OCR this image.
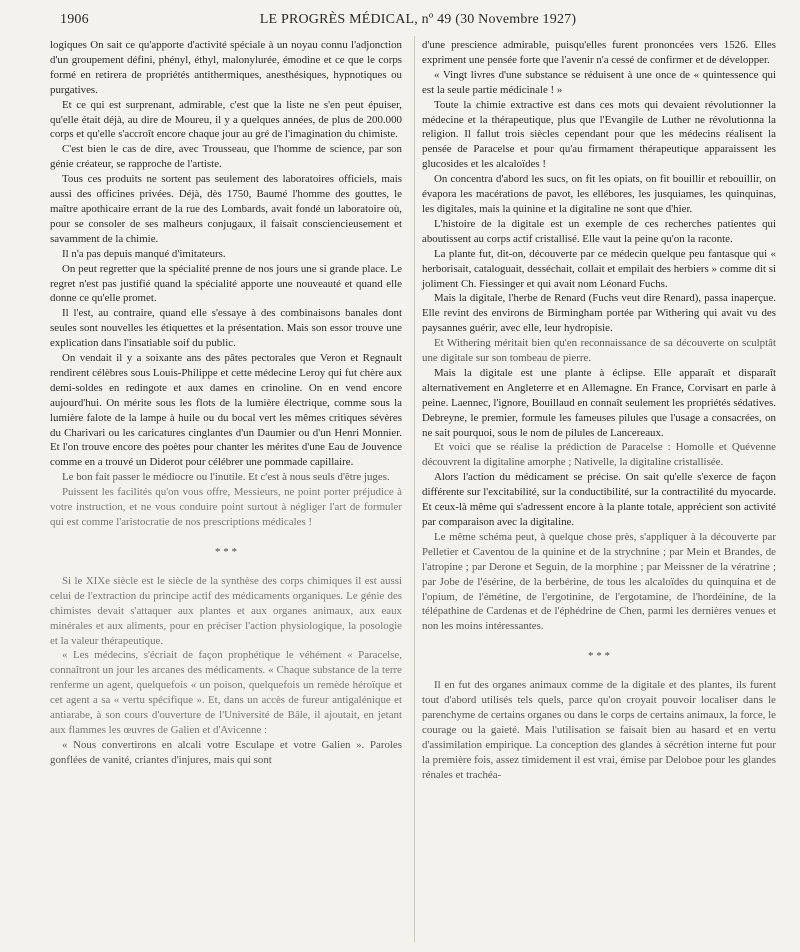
1906	LE PROGRÈS MÉDICAL, nº 49 (30 Novembre 1927)

logiques On sait ce qu'apporte d'activité spéciale à un noyau connu l'adjonction d'un groupement défini, phényl, éthyl, malonylurée, émodine et ce que le corps formé en retirera de propriétés antithermiques, anesthésiques, hypnotiques ou purgatives.

Et ce qui est surprenant, admirable, c'est que la liste ne s'en peut épuiser, qu'elle était déjà, au dire de Moureu, il y a quelques années, de plus de 200.000 corps et qu'elle s'accroît encore chaque jour au gré de l'imagination du chimiste.

C'est bien le cas de dire, avec Trousseau, que l'homme de science, par son génie créateur, se rapproche de l'artiste.

Tous ces produits ne sortent pas seulement des laboratoires officiels, mais aussi des officines privées. Déjà, dès 1750, Baumé l'homme des gouttes, le maître apothicaire errant de la rue des Lombards, avait fondé un laboratoire où, pour se consoler de ses malheurs conjugaux, il faisait consciencieusement et savamment de la chimie.

Il n'a pas depuis manqué d'imitateurs.

On peut regretter que la spécialité prenne de nos jours une si grande place. Le regret n'est pas justifié quand la spécialité apporte une nouveauté et quand elle donne ce qu'elle promet.

Il l'est, au contraire, quand elle s'essaye à des combinaisons banales dont seules sont nouvelles les étiquettes et la présentation. Mais son essor trouve une explication dans l'insatiable soif du public.

On vendait il y a soixante ans des pâtes pectorales que Veron et Regnault rendirent célèbres sous Louis-Philippe et cette médecine Leroy qui fut chère aux demi-soldes en redingote et aux dames en crinoline. On en vend encore aujourd'hui. On mérite sous les flots de la lumière électrique, comme sous la lumière falote de la lampe à huile ou du bocal vert les mêmes critiques sévères du Charivari ou les caricatures cinglantes d'un Daumier ou d'un Henri Monnier. Et l'on trouve encore des poètes pour chanter les mérites d'une Eau de Jouvence comme en a trouvé un Diderot pour célébrer une pommade capillaire.

Le bon fait passer le médiocre ou l'inutile. Et c'est à nous seuls d'être juges.

Puissent les facilités qu'on vous offre, Messieurs, ne point porter préjudice à votre instruction, et ne vous conduire point surtout à négliger l'art de formuler qui est comme l'aristocratie de nos prescriptions médicales !

* * *

Si le XIXe siècle est le siècle de la synthèse des corps chimiques il est aussi celui de l'extraction du principe actif des médicaments organiques. Le génie des chimistes devait s'attaquer aux plantes et aux organes animaux, aux eaux minérales et aux aliments, pour en préciser l'action physiologique, la posologie et la valeur thérapeutique.

« Les médecins, s'écriait de façon prophétique le véhément « Paracelse, connaîtront un jour les arcanes des médicaments. « Chaque substance de la terre renferme un agent, quelquefois « un poison, quelquefois un remède héroïque et cet agent a sa « vertu spécifique ». Et, dans un accès de fureur antigalénique et antiarabe, à son cours d'ouverture de l'Université de Bâle, il ajoutait, en jetant aux flammes les œuvres de Galien et d'Avicenne :

« Nous convertirons en alcali votre Esculape et votre Galien ». Paroles gonflées de vanité, criantes d'injures, mais qui sont

d'une prescience admirable, puisqu'elles furent prononcées vers 1526. Elles expriment une pensée forte que l'avenir n'a cessé de confirmer et de développer.

« Vingt livres d'une substance se réduisent à une once de « quintessence qui est la seule partie médicinale ! »

Toute la chimie extractive est dans ces mots qui devaient révolutionner la médecine et la thérapeutique, plus que l'Evangile de Luther ne révolutionna la religion. Il fallut trois siècles cependant pour que les médecins réalisent la pensée de Paracelse et pour qu'au firmament thérapeutique apparaissent les glucosides et les alcaloïdes !

On concentra d'abord les sucs, on fit les opiats, on fit bouillir et rebouillir, on évapora les macérations de pavot, les ellébores, les jusquiames, les quinquinas, les digitales, mais la quinine et la digitaline ne sont que d'hier.

L'histoire de la digitale est un exemple de ces recherches patientes qui aboutissent au corps actif cristallisé. Elle vaut la peine qu'on la raconte.

La plante fut, dit-on, découverte par ce médecin quelque peu fantasque qui « herborisait, cataloguait, desséchait, collait et empilait des herbiers » comme dit si joliment Ch. Fiessinger et qui avait nom Léonard Fuchs.

Mais la digitale, l'herbe de Renard (Fuchs veut dire Renard), passa inaperçue. Elle revint des environs de Birmingham portée par Withering qui avait vu des paysannes guérir, avec elle, leur hydropisie.

Et Withering méritait bien qu'en reconnaissance de sa découverte on sculptât une digitale sur son tombeau de pierre.

Mais la digitale est une plante à éclipse. Elle apparaît et disparaît alternativement en Angleterre et en Allemagne. En France, Corvisart en parle à peine. Laennec, l'ignore, Bouillaud en connaît seulement les propriétés sédatives. Debreyne, le premier, formule les fameuses pilules que l'usage a consacrées, on ne sait pourquoi, sous le nom de pilules de Lancereaux.

Et voici que se réalise la prédiction de Paracelse : Homolle et Quévenne découvrent la digitaline amorphe ; Nativelle, la digitaline cristallisée.

Alors l'action du médicament se précise. On sait qu'elle s'exerce de façon différente sur l'excitabilité, sur la conductibilité, sur la contractilité du myocarde. Et ceux-là même qui s'adressent encore à la plante totale, apprécient son activité par comparaison avec la digitaline.

Le même schéma peut, à quelque chose près, s'appliquer à la découverte par Pelletier et Caventou de la quinine et de la strychnine ; par Mein et Brandes, de l'atropine ; par Derone et Seguin, de la morphine ; par Meissner de la vératrine ; par Jobe de l'ésérine, de la berbérine, de tous les alcaloïdes du quinquina et de l'opium, de l'émétine, de l'ergotinine, de l'ergotamine, de l'hordéinine, de la télépathine de Cardenas et de l'éphédrine de Chen, parmi les dernières venues et non les moins intéressantes.

* * *

Il en fut des organes animaux comme de la digitale et des plantes, ils furent tout d'abord utilisés tels quels, parce qu'on croyait pouvoir localiser dans le parenchyme de certains organes ou dans le corps de certains animaux, la force, le courage ou la gaieté. Mais l'utilisation se faisait bien au hasard et en vertu d'assimilation empirique. La conception des glandes à sécrétion interne fut pour la première fois, assez timidement il est vrai, émise par Deloboe pour les glandes rénales et trachéa-
